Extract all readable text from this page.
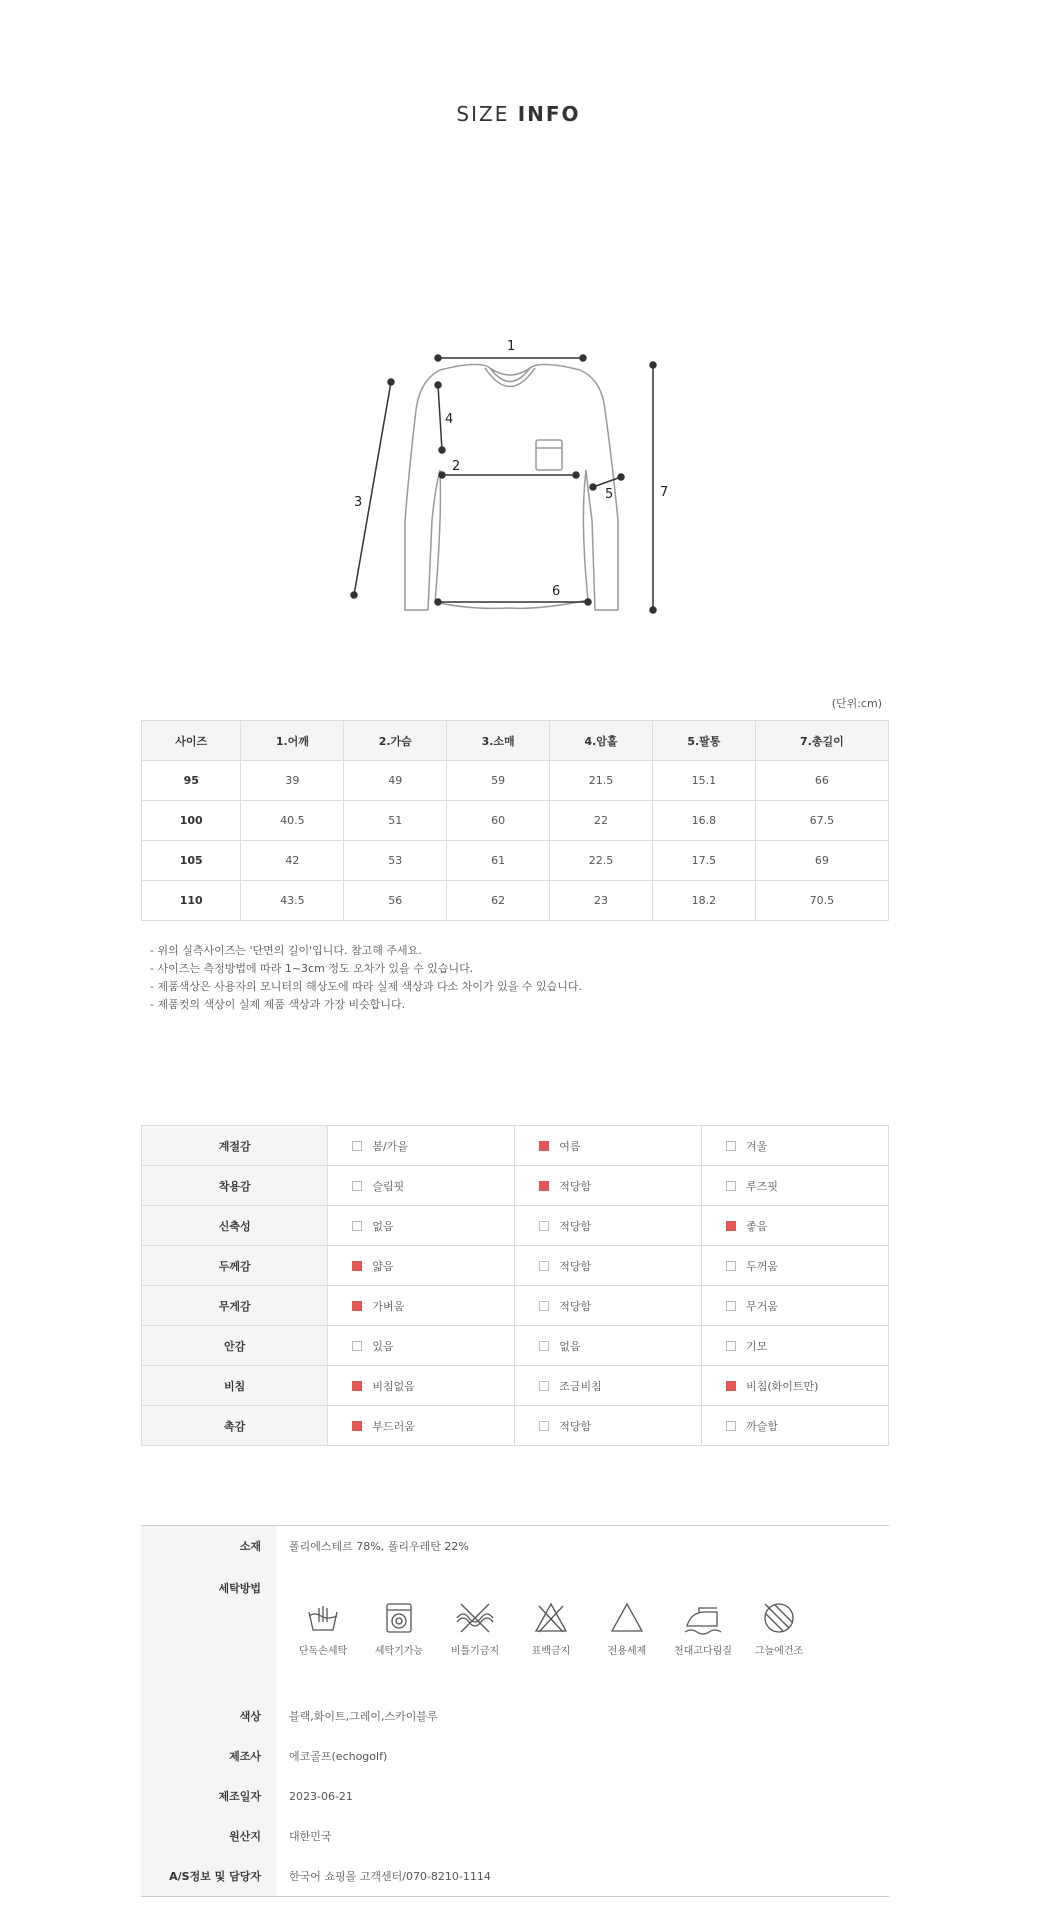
SIZE INFO
1
2
3
4
5
6
7
(단위:cm)
사이즈	1.어깨	2.가슴	3.소매	4.암홀	5.팔통	7.총길이
95	39	49	59	21.5	15.1	66
100	40.5	51	60	22	16.8	67.5
105	42	53	61	22.5	17.5	69
110	43.5	56	62	23	18.2	70.5
- 위의 실측사이즈는 '단면의 길이'입니다. 참고해 주세요.
- 사이즈는 측정방법에 따라 1~3cm 정도 오차가 있을 수 있습니다.
- 제품색상은 사용자의 모니터의 해상도에 따라 실제 색상과 다소 차이가 있을 수 있습니다.
- 제품컷의 색상이 실제 제품 색상과 가장 비슷합니다.
계절감	봄/가을	여름	겨울
착용감	슬림핏	적당함	루즈핏
신축성	없음	적당함	좋음
두께감	얇음	적당함	두꺼움
무게감	가벼움	적당함	무거움
안감	있음	없음	기모
비침	비침없음	조금비침	비침(화이트만)
촉감	부드러움	적당함	까슬함
소재	폴리에스테르 78%, 폴리우레탄 22%
세탁방법
단독손세탁	세탁기가능	비틀기금지	표백금지	전용세제	천대고다림질	그늘에건조
색상	블랙,화이트,그레이,스카이블루
제조사	에코골프(echogolf)
제조일자	2023-06-21
원산지	대한민국
A/S정보 및 담당자	한국어 쇼핑몰 고객센터/070-8210-1114
